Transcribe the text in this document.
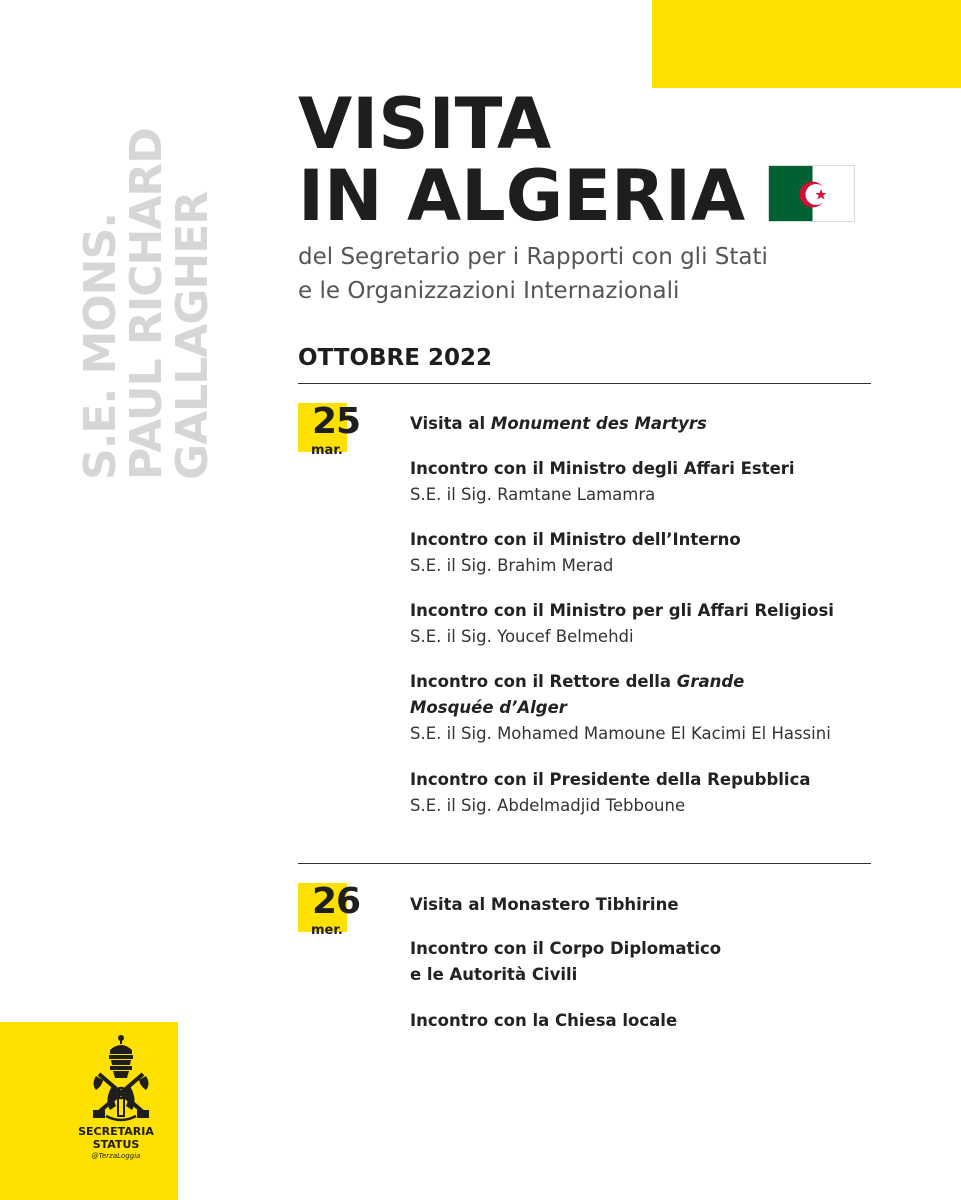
S.E. MONS.
PAUL RICHARD
GALLAGHER
VISITA
IN ALGERIA
del Segretario per i Rapporti con gli Stati
e le Organizzazioni Internazionali
OTTOBRE 2022
25
mar.
Visita al Monument des Martyrs
Incontro con il Ministro degli Affari Esteri
S.E. il Sig. Ramtane Lamamra
Incontro con il Ministro dell’Interno
S.E. il Sig. Brahim Merad
Incontro con il Ministro per gli Affari Religiosi
S.E. il Sig. Youcef Belmehdi
Incontro con il Rettore della Grande
Mosquée d’Alger
S.E. il Sig. Mohamed Mamoune El Kacimi El Hassini
Incontro con il Presidente della Repubblica
S.E. il Sig. Abdelmadjid Tebboune
26
mer.
Visita al Monastero Tibhirine
Incontro con il Corpo Diplomatico
e le Autorità Civili
Incontro con la Chiesa locale
SECRETARIA
STATUS
@TerzaLoggia
